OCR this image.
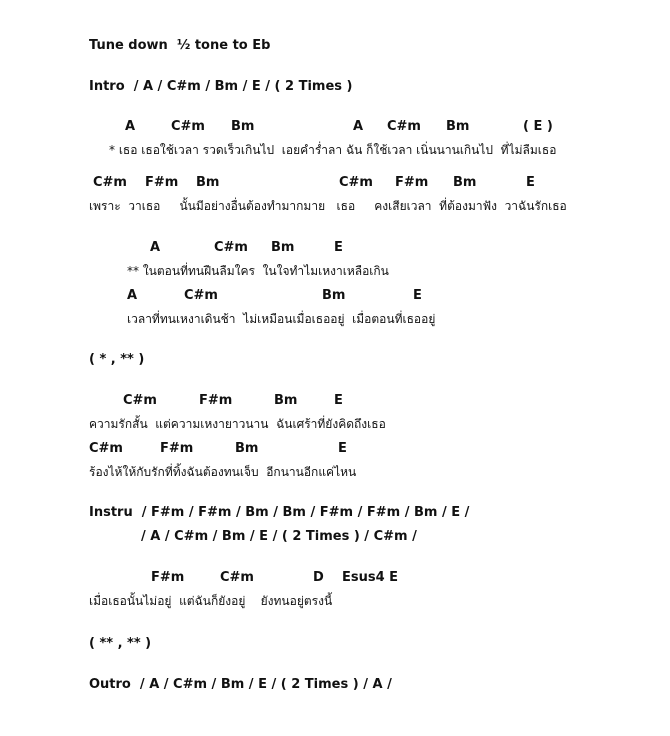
Tune down  ½ tone to Eb
Intro  / A / C#m / Bm / E / ( 2 Times )
A	C#m Bm	A C#m Bm	( E )
* เธอ เธอใช้เวลา รวดเร็วเกินไป  เอยคำร่ำลา ฉัน ก็ใช้เวลา เนิ่นนานเกินไป  ที่ไม่ลืมเธอ
C#m F#m Bm	C#m F#m Bm	E
เพราะ  วาเธอ     นั้นมีอย่างอื่นต้องทำมากมาย   เธอ     คงเสียเวลา  ที่ต้องมาฟัง  วาฉันรักเธอ
A	C#m Bm	E
** ในตอนที่ทนฝืนลืมใคร  ในใจทำไมเหงาเหลือเกิน
A	C#m	Bm	E
เวลาที่ทนเหงาเดินช้า  ไม่เหมือนเมื่อเธออยู่  เมื่อตอนที่เธออยู่
( * , ** )
C#m	F#m	Bm	E
ความรักสั้น  แต่ความเหงายาวนาน  ฉันเศร้าที่ยังคิดถึงเธอ
C#m	F#m	Bm	E
ร้องไห้ให้กับรักที่ทิ้งฉันต้องทนเจ็บ  อีกนานอีกแค่ไหน
Instru  / F#m / F#m / Bm / Bm / F#m / F#m / Bm / E /
/ A / C#m / Bm / E / ( 2 Times ) / C#m /
F#m	C#m	D Esus4 E
เมื่อเธอนั้นไม่อยู่  แต่ฉันก็ยังอยู่    ยังทนอยู่ตรงนี้
( ** , ** )
Outro  / A / C#m / Bm / E / ( 2 Times ) / A /
